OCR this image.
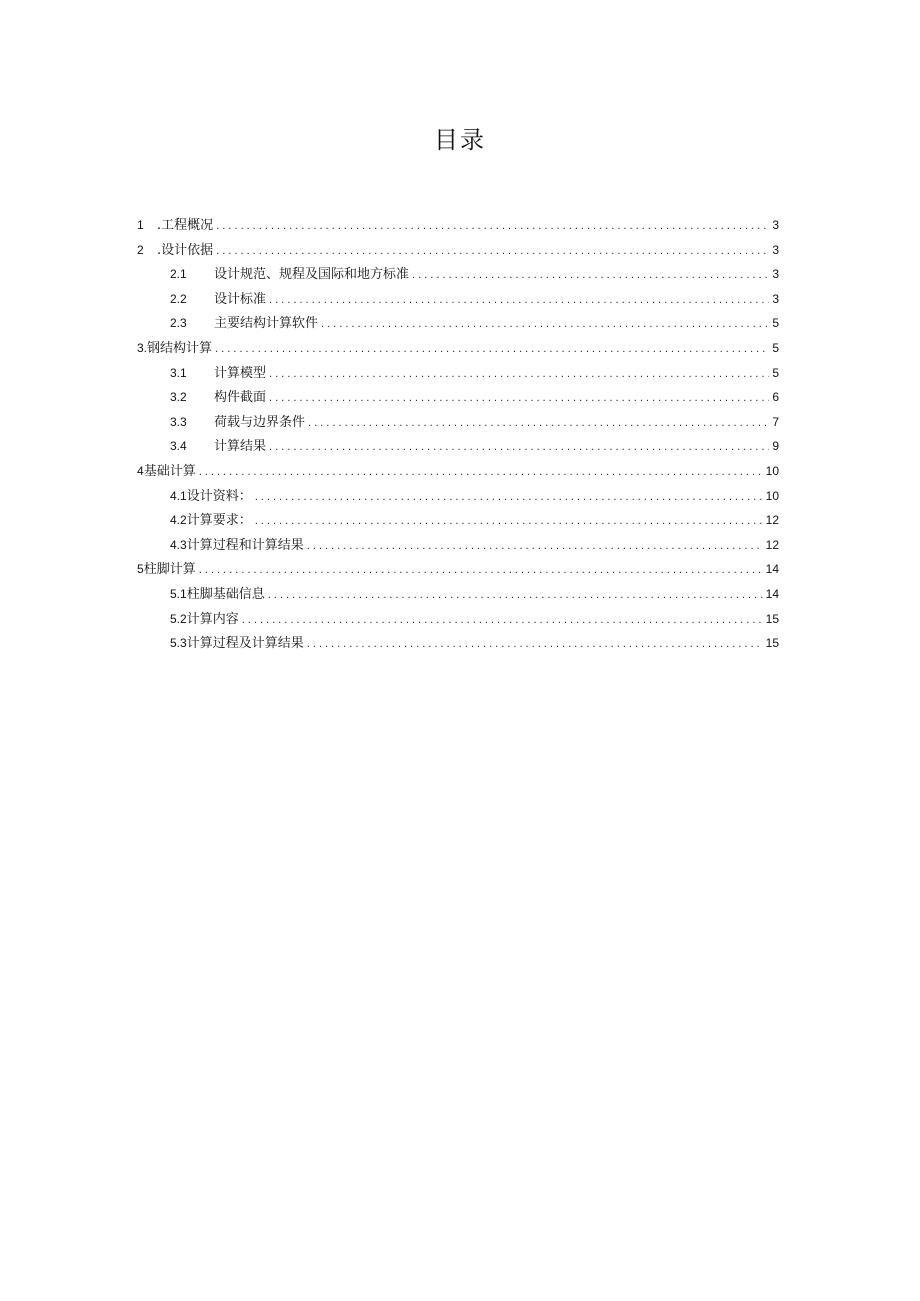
目录
1	.工程概况 .....	3
2	.设计依据 .....	3
2.1	设计规范、规程及国际和地方标准 .....	3
2.2	设计标准 .....	3
2.3	主要结构计算软件 .....	5
3. 钢结构计算 .....	5
3.1	计算模型 .....	5
3.2	构件截面 .....	6
3.3	荷载与边界条件 .....	7
3.4	计算结果 .....	9
4 基础计算 .....	10
4.1 设计资料： .....	10
4.2 计算要求： .....	12
4.3 计算过程和计算结果 .....	12
5 柱脚计算 .....	14
5.1 柱脚基础信息 .....	14
5.2 计算内容 .....	15
5.3 计算过程及计算结果 .....	15
